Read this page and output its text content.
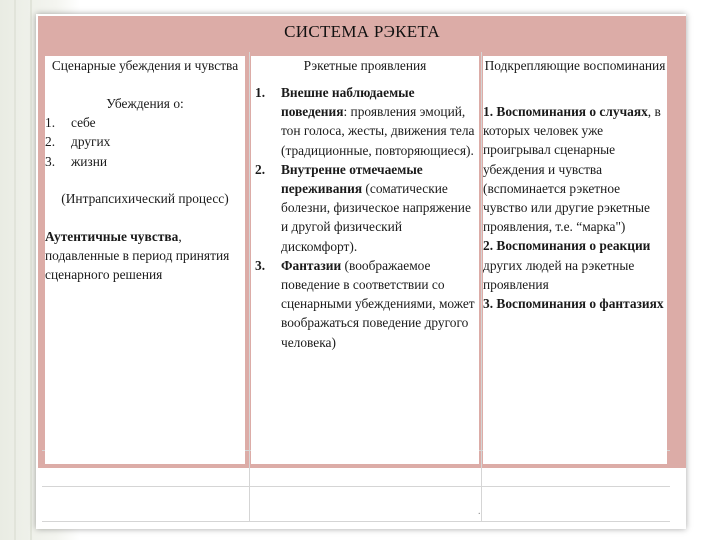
СИСТЕМА РЭКЕТА
Сценарные убеждения и чувства
Убеждения о:
1. себе
2. других
3. жизни
(Интрапсихический процесс)
Аутентичные чувства, подавленные в период принятия сценарного решения
Рэкетные проявления
1. Внешне наблюдаемые поведения: проявления эмоций, тон голоса, жесты, движения тела (традиционные, повторяющиеся).
2. Внутренне отмечаемые переживания (соматические болезни, физическое напряжение и другой физический дискомфорт).
3. Фантазии (воображаемое поведение в соответствии со сценарными убеждениями, может воображаться поведение другого человека)
Подкрепляющие воспоминания
1. Воспоминания о случаях, в которых человек уже проигрывал сценарные убеждения и чувства (вспоминается рэкетное чувство или другие рэкетные проявления, т.е. “марка")
2. Воспоминания о реакции других людей на рэкетные проявления
3. Воспоминания о фантазиях
.
